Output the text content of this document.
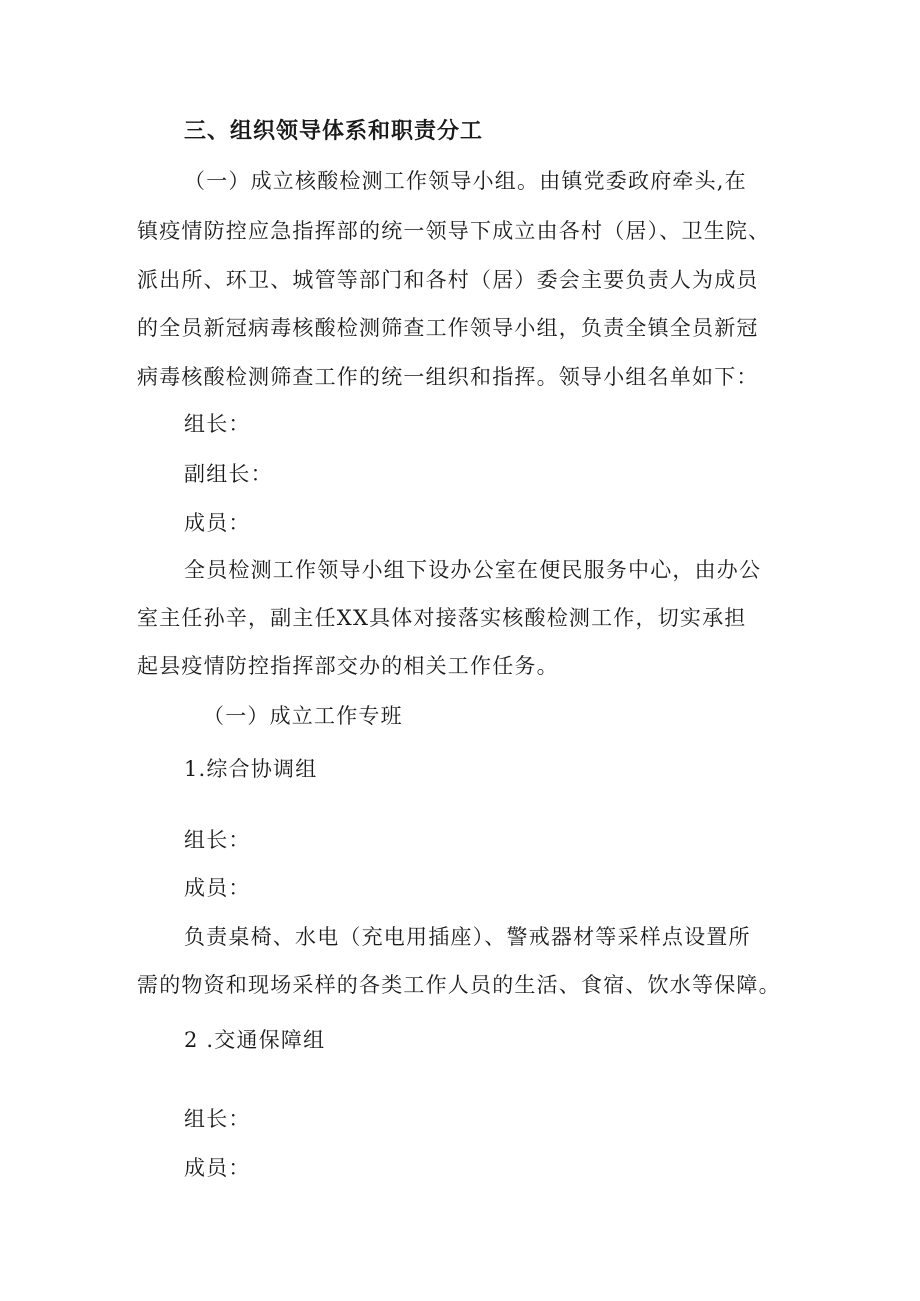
三、组织领导体系和职责分工
（一）成立核酸检测工作领导小组。由镇党委政府牵头,在
镇疫情防控应急指挥部的统一领导下成立由各村（居）、卫生院、
派出所、环卫、城管等部门和各村（居）委会主要负责人为成员
的全员新冠病毒核酸检测筛查工作领导小组，负责全镇全员新冠
病毒核酸检测筛查工作的统一组织和指挥。领导小组名单如下：
组长：
副组长：
成员：
全员检测工作领导小组下设办公室在便民服务中心，由办公
室主任孙辛，副主任XX具体对接落实核酸检测工作，切实承担
起县疫情防控指挥部交办的相关工作任务。
（一）成立工作专班
1.综合协调组
组长：
成员：
负责桌椅、水电（充电用插座）、警戒器材等采样点设置所
需的物资和现场采样的各类工作人员的生活、食宿、饮水等保障。
2 .交通保障组
组长：
成员：
